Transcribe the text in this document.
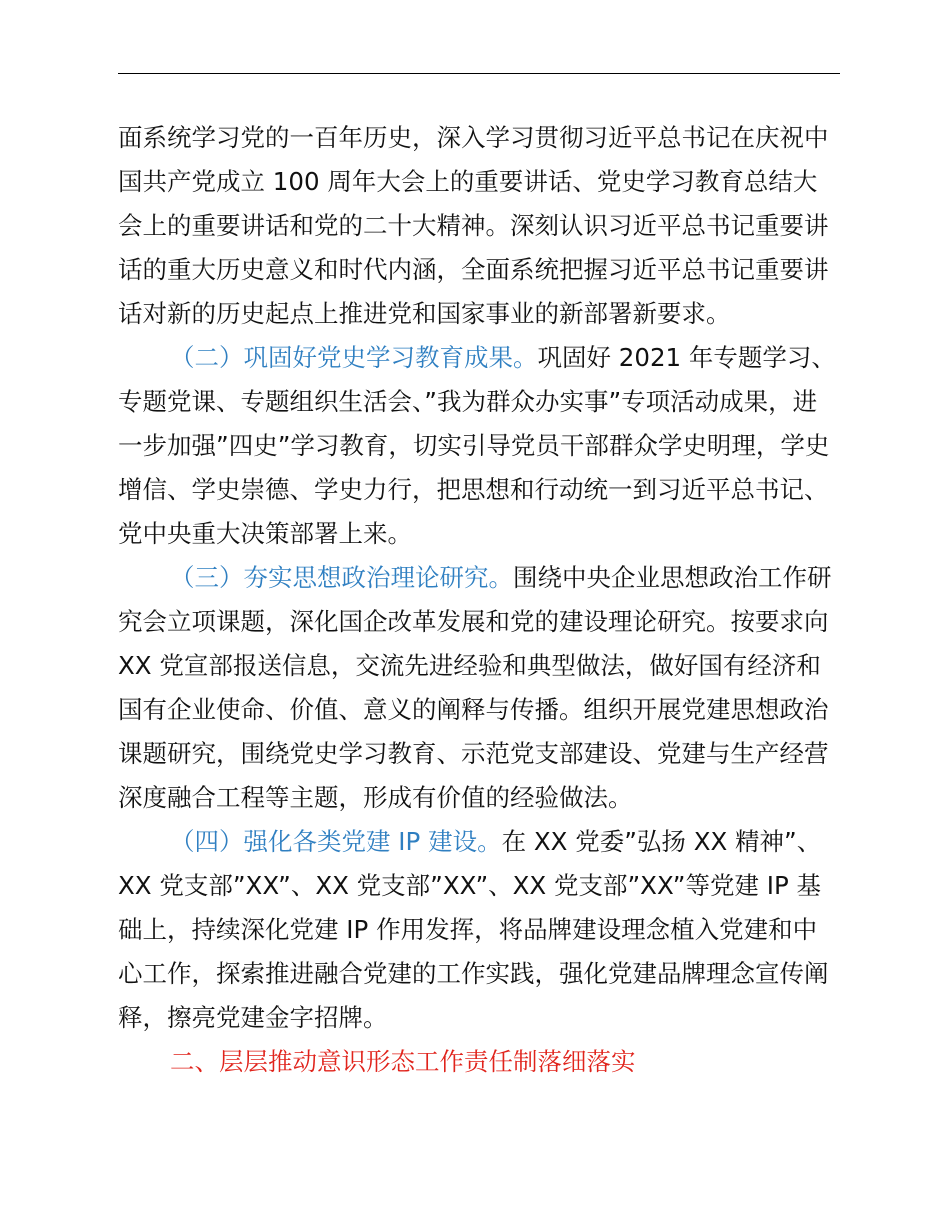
面系统学习党的一百年历史，深入学习贯彻习近平总书记在庆祝中
国共产党成立 100 周年大会上的重要讲话、党史学习教育总结大
会上的重要讲话和党的二十大精神。深刻认识习近平总书记重要讲
话的重大历史意义和时代内涵，全面系统把握习近平总书记重要讲
话对新的历史起点上推进党和国家事业的新部署新要求。
（二）巩固好党史学习教育成果。巩固好 2021 年专题学习、
专题党课、专题组织生活会、”我为群众办实事”专项活动成果，进
一步加强”四史”学习教育，切实引导党员干部群众学史明理，学史
增信、学史崇德、学史力行，把思想和行动统一到习近平总书记、
党中央重大决策部署上来。
（三）夯实思想政治理论研究。围绕中央企业思想政治工作研
究会立项课题，深化国企改革发展和党的建设理论研究。按要求向
XX 党宣部报送信息，交流先进经验和典型做法，做好国有经济和
国有企业使命、价值、意义的阐释与传播。组织开展党建思想政治
课题研究，围绕党史学习教育、示范党支部建设、党建与生产经营
深度融合工程等主题，形成有价值的经验做法。
（四）强化各类党建 IP 建设。在 XX 党委”弘扬 XX 精神”、
XX 党支部”XX”、XX 党支部”XX”、XX 党支部”XX”等党建 IP 基
础上，持续深化党建 IP 作用发挥，将品牌建设理念植入党建和中
心工作，探索推进融合党建的工作实践，强化党建品牌理念宣传阐
释，擦亮党建金字招牌。
二、层层推动意识形态工作责任制落细落实
